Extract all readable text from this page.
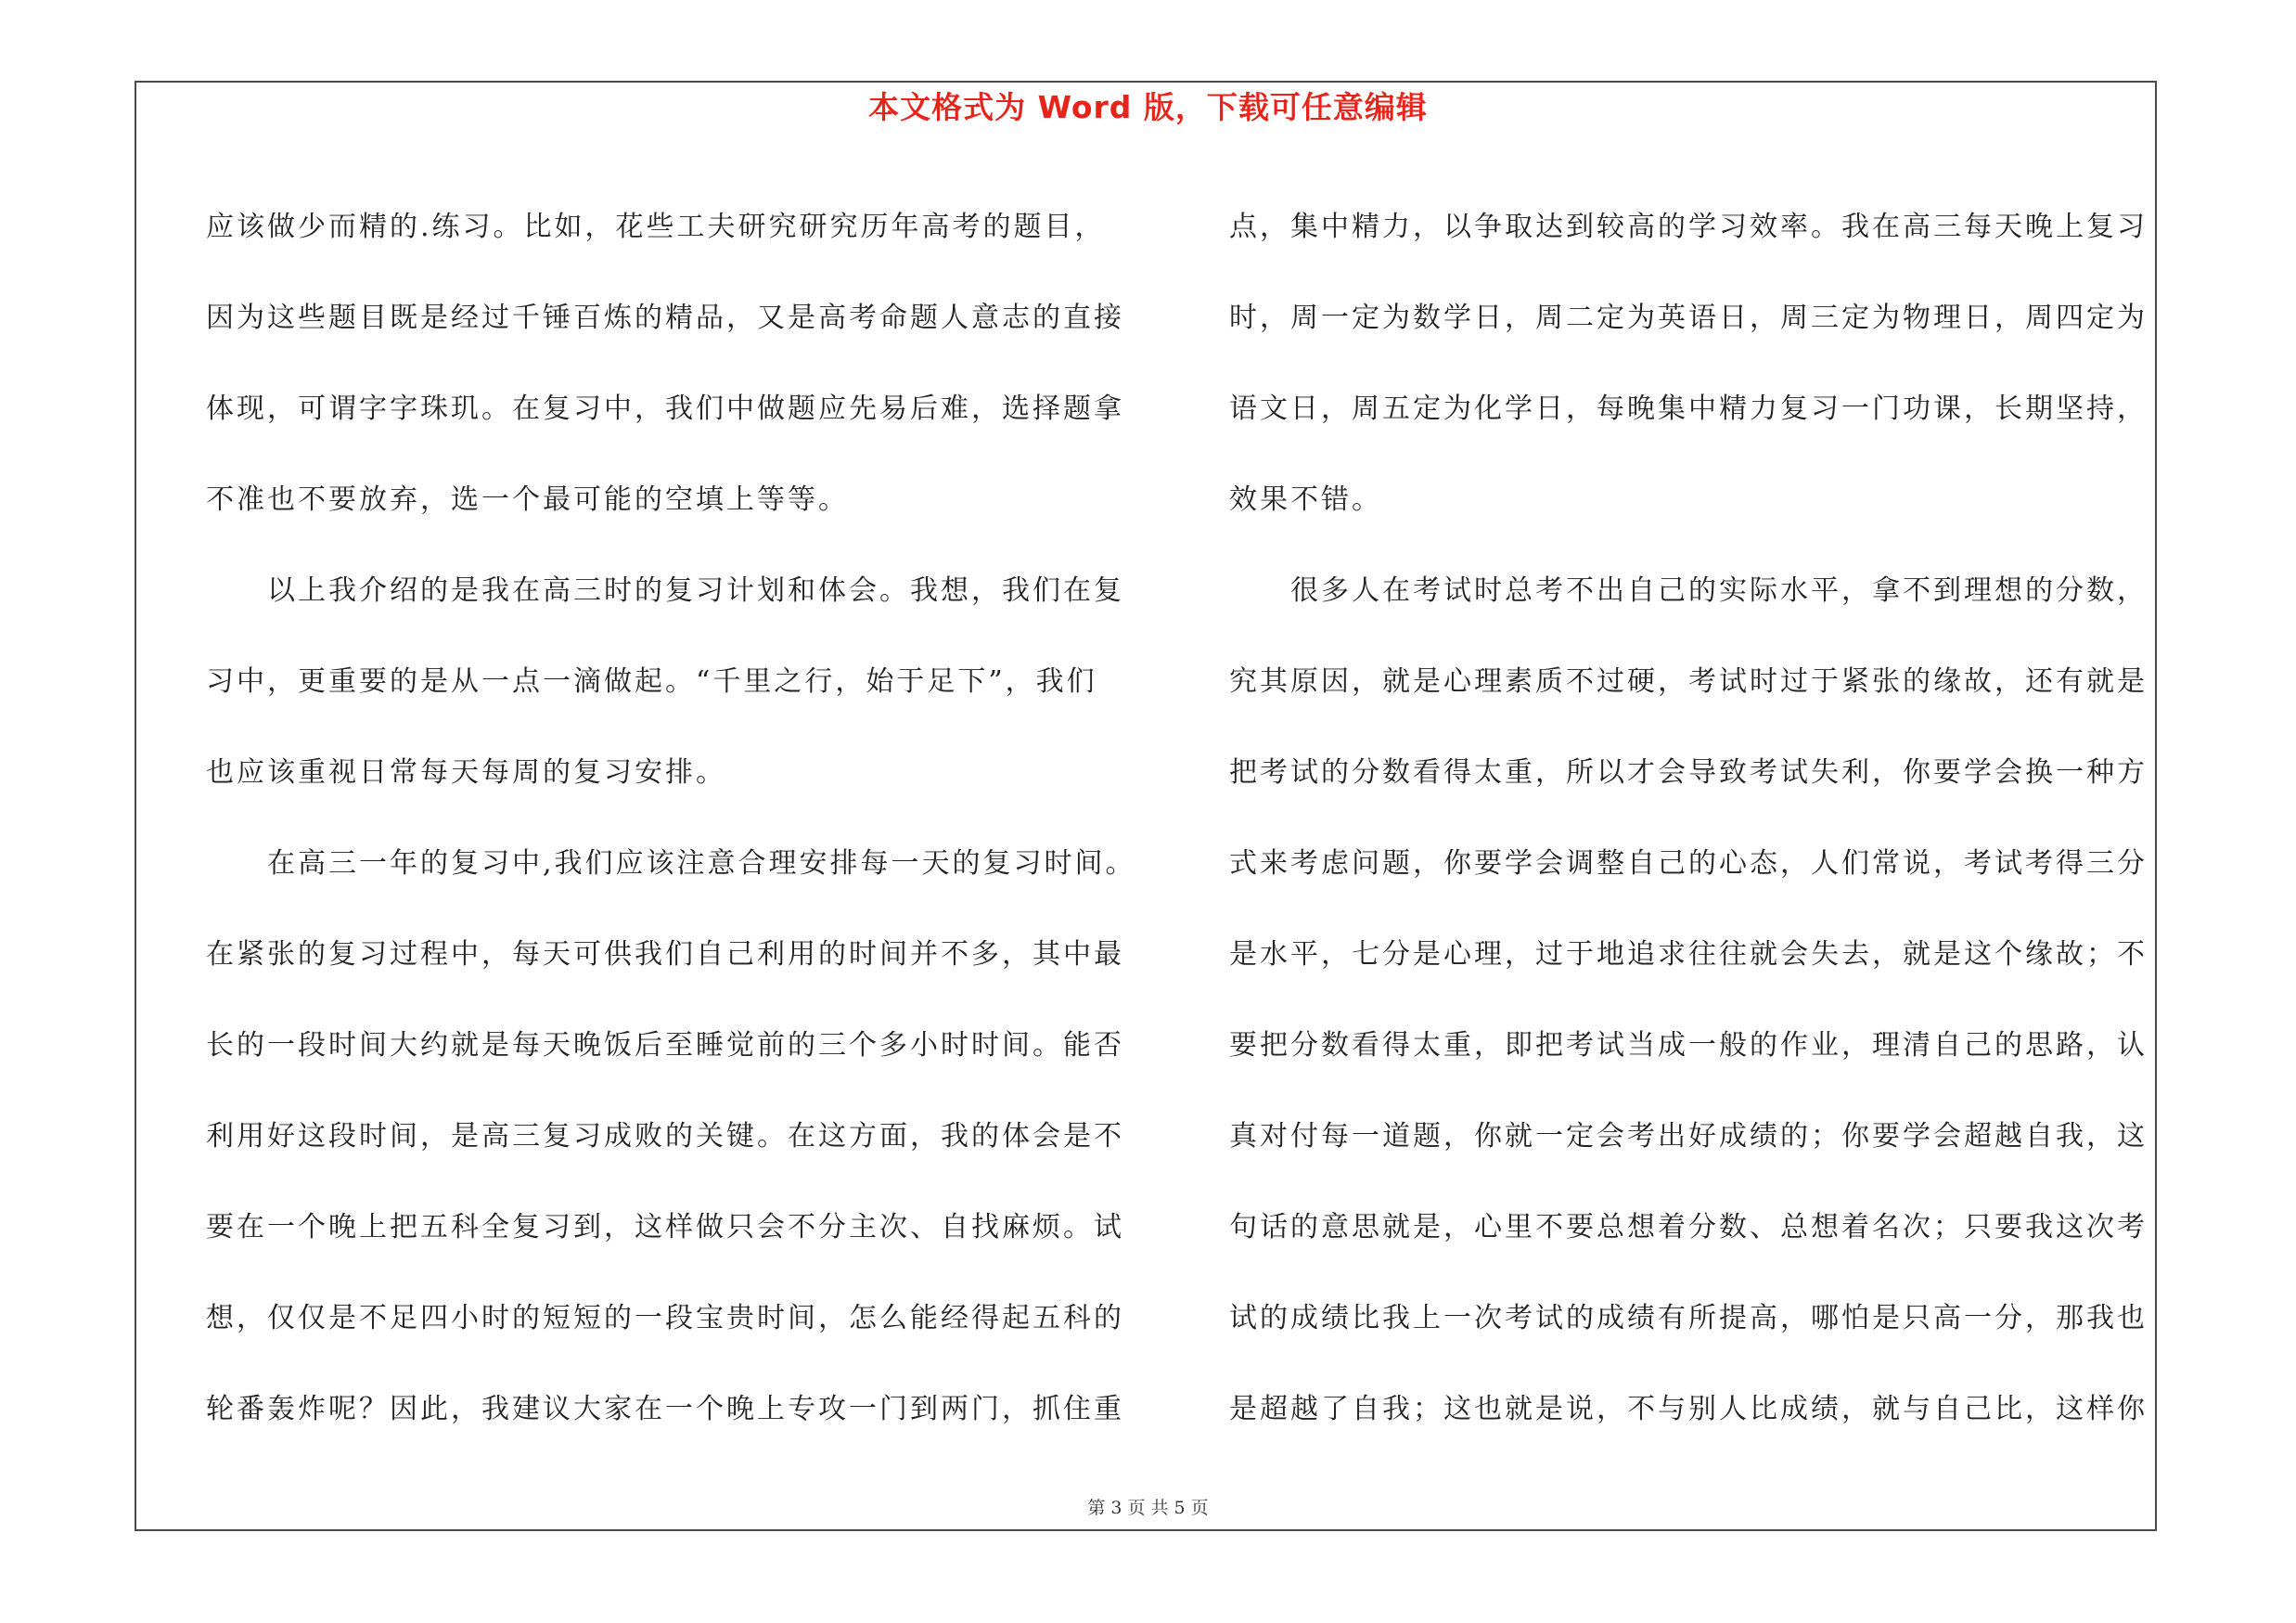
本文格式为 Word 版，下载可任意编辑
应该做少而精的.练习。比如，花些工夫研究研究历年高考的题目，
因为这些题目既是经过千锤百炼的精品，又是高考命题人意志的直接
体现，可谓字字珠玑。在复习中，我们中做题应先易后难，选择题拿
不准也不要放弃，选一个最可能的空填上等等。
以上我介绍的是我在高三时的复习计划和体会。我想，我们在复
习中，更重要的是从一点一滴做起。“千里之行，始于足下”，我们
也应该重视日常每天每周的复习安排。
在高三一年的复习中,我们应该注意合理安排每一天的复习时间。
在紧张的复习过程中，每天可供我们自己利用的时间并不多，其中最
长的一段时间大约就是每天晚饭后至睡觉前的三个多小时时间。能否
利用好这段时间，是高三复习成败的关键。在这方面，我的体会是不
要在一个晚上把五科全复习到，这样做只会不分主次、自找麻烦。试
想，仅仅是不足四小时的短短的一段宝贵时间，怎么能经得起五科的
轮番轰炸呢？因此，我建议大家在一个晚上专攻一门到两门，抓住重
点，集中精力，以争取达到较高的学习效率。我在高三每天晚上复习
时，周一定为数学日，周二定为英语日，周三定为物理日，周四定为
语文日，周五定为化学日，每晚集中精力复习一门功课，长期坚持，
效果不错。
很多人在考试时总考不出自己的实际水平，拿不到理想的分数，
究其原因，就是心理素质不过硬，考试时过于紧张的缘故，还有就是
把考试的分数看得太重，所以才会导致考试失利，你要学会换一种方
式来考虑问题，你要学会调整自己的心态，人们常说，考试考得三分
是水平，七分是心理，过于地追求往往就会失去，就是这个缘故；不
要把分数看得太重，即把考试当成一般的作业，理清自己的思路，认
真对付每一道题，你就一定会考出好成绩的；你要学会超越自我，这
句话的意思就是，心里不要总想着分数、总想着名次；只要我这次考
试的成绩比我上一次考试的成绩有所提高，哪怕是只高一分，那我也
是超越了自我；这也就是说，不与别人比成绩，就与自己比，这样你
第 3 页 共 5 页
